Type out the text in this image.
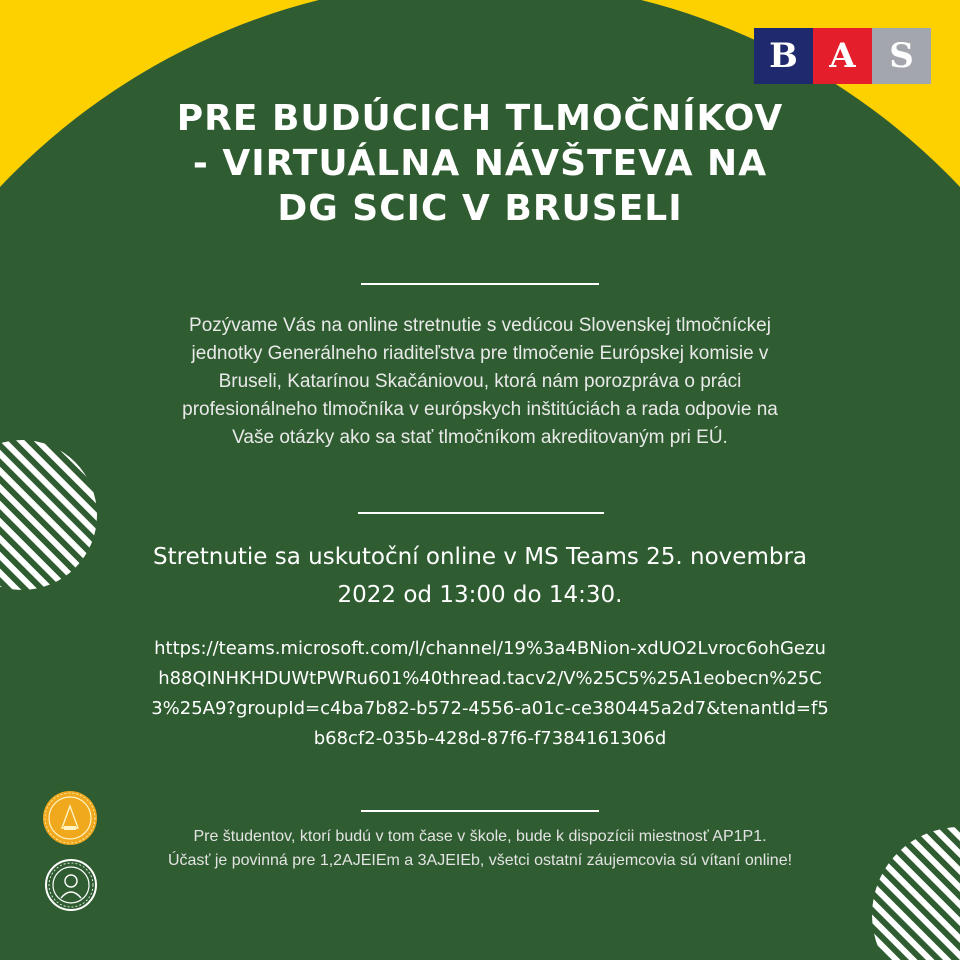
B A S
PRE BUDÚCICH TLMOČNÍKOV - VIRTUÁLNA NÁVŠTEVA NA DG SCIC V BRUSELI
Pozývame Vás na online stretnutie s vedúcou Slovenskej tlmočníckej jednotky Generálneho riaditeľstva pre tlmočenie Európskej komisie v Bruseli, Katarínou Skačániovou, ktorá nám porozpráva o práci profesionálneho tlmočníka v európskych inštitúciách a rada odpovie na Vaše otázky ako sa stať tlmočníkom akreditovaným pri EÚ.
Stretnutie sa uskutoční online v MS Teams 25. novembra 2022 od 13:00 do 14:30.
https://teams.microsoft.com/l/channel/19%3a4BNion-xdUO2Lvroc6ohGezuh88QINHKHDUWtPWRu601%40thread.tacv2/V%25C5%25A1eobecn%25C3%25A9?groupId=c4ba7b82-b572-4556-a01c-ce380445a2d7&tenantId=f5b68cf2-035b-428d-87f6-f7384161306d
Pre študentov, ktorí budú v tom čase v škole, bude k dispozícii miestnosť AP1P1.
Účasť je povinná pre 1,2AJEIEm a 3AJEIEb, všetci ostatní záujemcovia sú vítaní online!
